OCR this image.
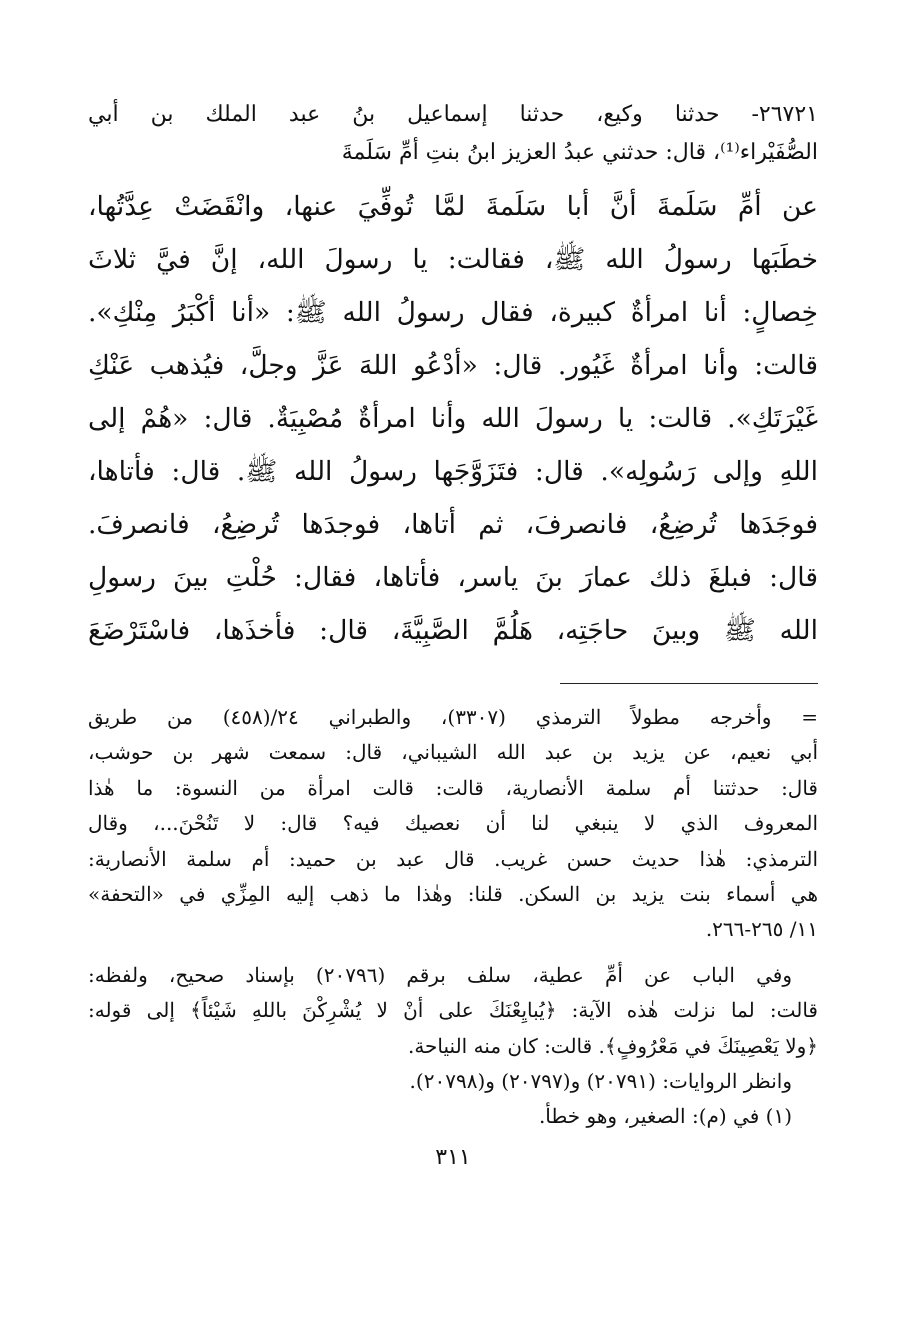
٢٦٧٢١- حدثنا وكيع، حدثنا إسماعيل بنُ عبد الملك بن أبي
الصُّفَيْراء⁽¹⁾، قال: حدثني عبدُ العزيز ابنُ بنتِ أمِّ سَلَمةَ
عن أمِّ سَلَمةَ أنَّ أبا سَلَمةَ لمَّا تُوفِّيَ عنها، وانْقَضَتْ عِدَّتُها،
خطَبَها رسولُ الله ﷺ، فقالت: يا رسولَ الله، إنَّ فيَّ ثلاثَ
خِصالٍ: أنا امرأةٌ كبيرة، فقال رسولُ الله ﷺ: «أنا أكْبَرُ مِنْكِ».
قالت: وأنا امرأةٌ غَيُور. قال: «أدْعُو اللهَ عَزَّ وجلَّ، فيُذهب عَنْكِ
غَيْرَتَكِ». قالت: يا رسولَ الله وأنا امرأةٌ مُصْبِيَةٌ. قال: «هُمْ إلى
اللهِ وإلى رَسُولِه». قال: فتَزَوَّجَها رسولُ الله ﷺ. قال: فأتاها،
فوجَدَها تُرضِعُ، فانصرفَ، ثم أتاها، فوجدَها تُرضِعُ، فانصرفَ.
قال: فبلغَ ذلك عمارَ بنَ ياسر، فأتاها، فقال: حُلْتِ بينَ رسولِ
الله ﷺ وبينَ حاجَتِه، هَلُمَّ الصَّبِيَّةَ، قال: فأخذَها، فاسْتَرْضَعَ
= وأخرجه مطولاً الترمذي (٣٣٠٧)، والطبراني ٢٤/(٤٥٨) من طريق
أبي نعيم، عن يزيد بن عبد الله الشيباني، قال: سمعت شهر بن حوشب،
قال: حدثتنا أم سلمة الأنصارية، قالت: قالت امرأة من النسوة: ما هٰذا
المعروف الذي لا ينبغي لنا أن نعصيك فيه؟ قال: لا تَنُحْنَ...، وقال
الترمذي: هٰذا حديث حسن غريب. قال عبد بن حميد: أم سلمة الأنصارية:
هي أسماء بنت يزيد بن السكن. قلنا: وهٰذا ما ذهب إليه المِزِّي في «التحفة»
١١/ ٢٦٥-٢٦٦.
وفي الباب عن أمِّ عطية، سلف برقم (٢٠٧٩٦) بإسناد صحيح، ولفظه:
قالت: لما نزلت هٰذه الآية: ﴿يُبايِعْنَكَ على أنْ لا يُشْرِكْنَ باللهِ شَيْئاً﴾ إلى قوله:
﴿ولا يَعْصِينَكَ في مَعْرُوفٍ﴾. قالت: كان منه النياحة.
وانظر الروايات: (٢٠٧٩١) و(٢٠٧٩٧) و(٢٠٧٩٨).
(١) في (م): الصغير، وهو خطأ.
٣١١
